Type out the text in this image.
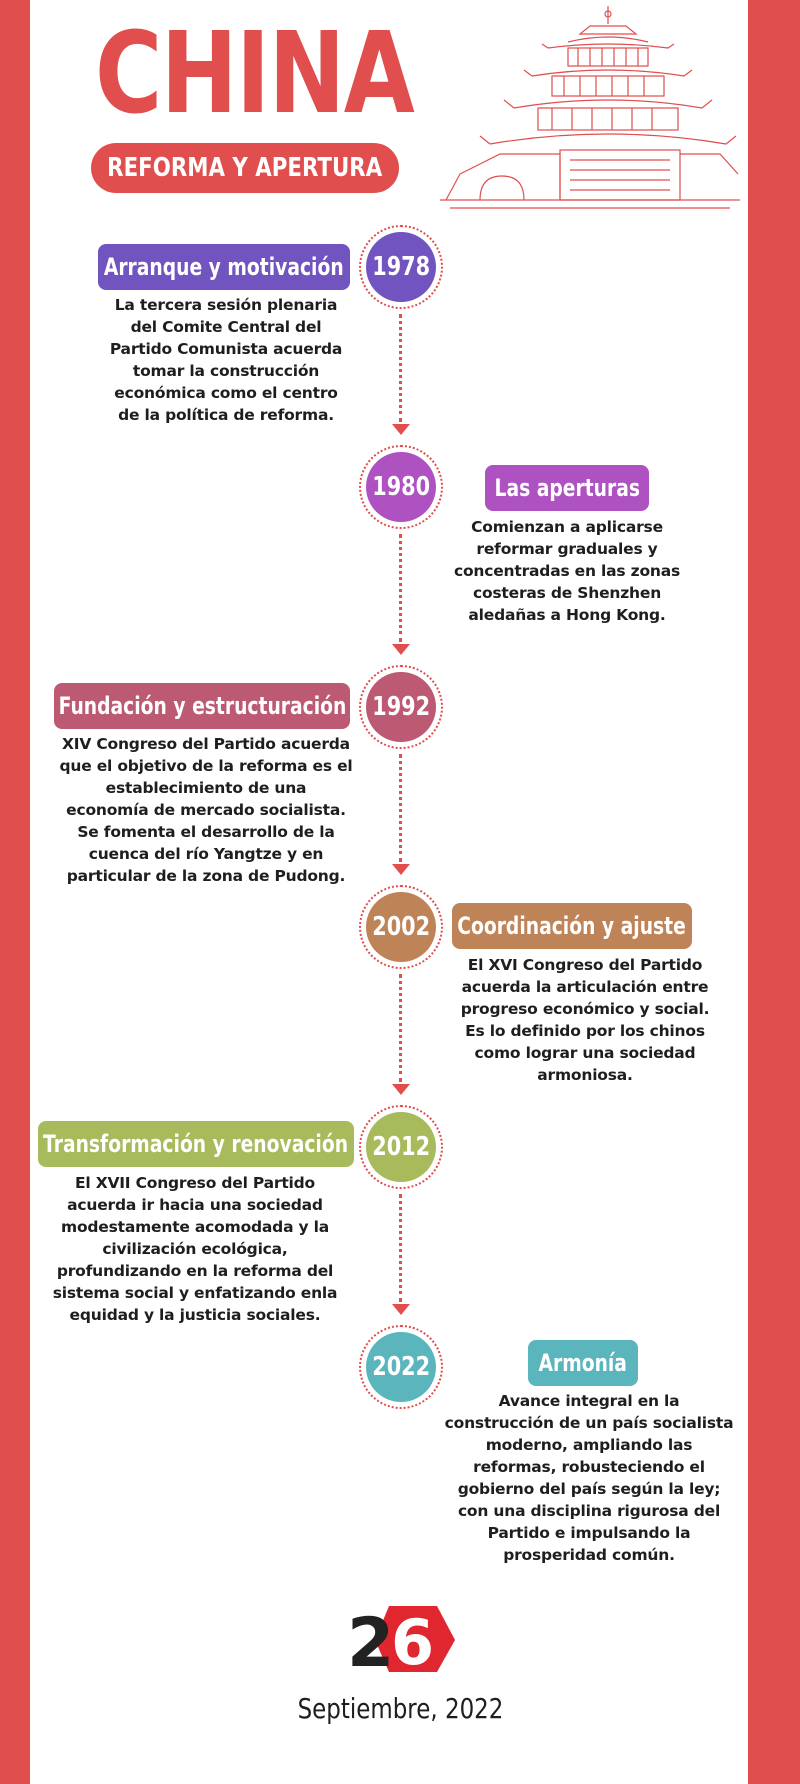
CHINA
REFORMA Y APERTURA
1978
Arranque y motivación
La tercera sesión plenaria
del Comite Central del
Partido Comunista acuerda
tomar la construcción
económica como el centro
de la política de reforma.
1980	Las aperturas
Comienzan a aplicarse
reformar graduales y
concentradas en las zonas
costeras de Shenzhen
aledañas a Hong Kong.
1992
Fundación y estructuración
XIV Congreso del Partido acuerda
que el objetivo de la reforma es el
establecimiento de una
economía de mercado socialista.
Se fomenta el desarrollo de la
cuenca del río Yangtze y en
particular de la zona de Pudong.
2002 Coordinación y ajuste
El XVI Congreso del Partido
acuerda la articulación entre
progreso económico y social.
Es lo definido por los chinos
como lograr una sociedad
armoniosa.
2012
Transformación y renovación
El XVII Congreso del Partido
acuerda ir hacia una sociedad
modestamente acomodada y la
civilización ecológica,
profundizando en la reforma del
sistema social y enfatizando enla
equidad y la justicia sociales.
2022	Armonía
Avance integral en la
construcción de un país socialista
moderno, ampliando las
reformas, robusteciendo el
gobierno del país según la ley;
con una disciplina rigurosa del
Partido e impulsando la
prosperidad común.
2
6
Septiembre, 2022
